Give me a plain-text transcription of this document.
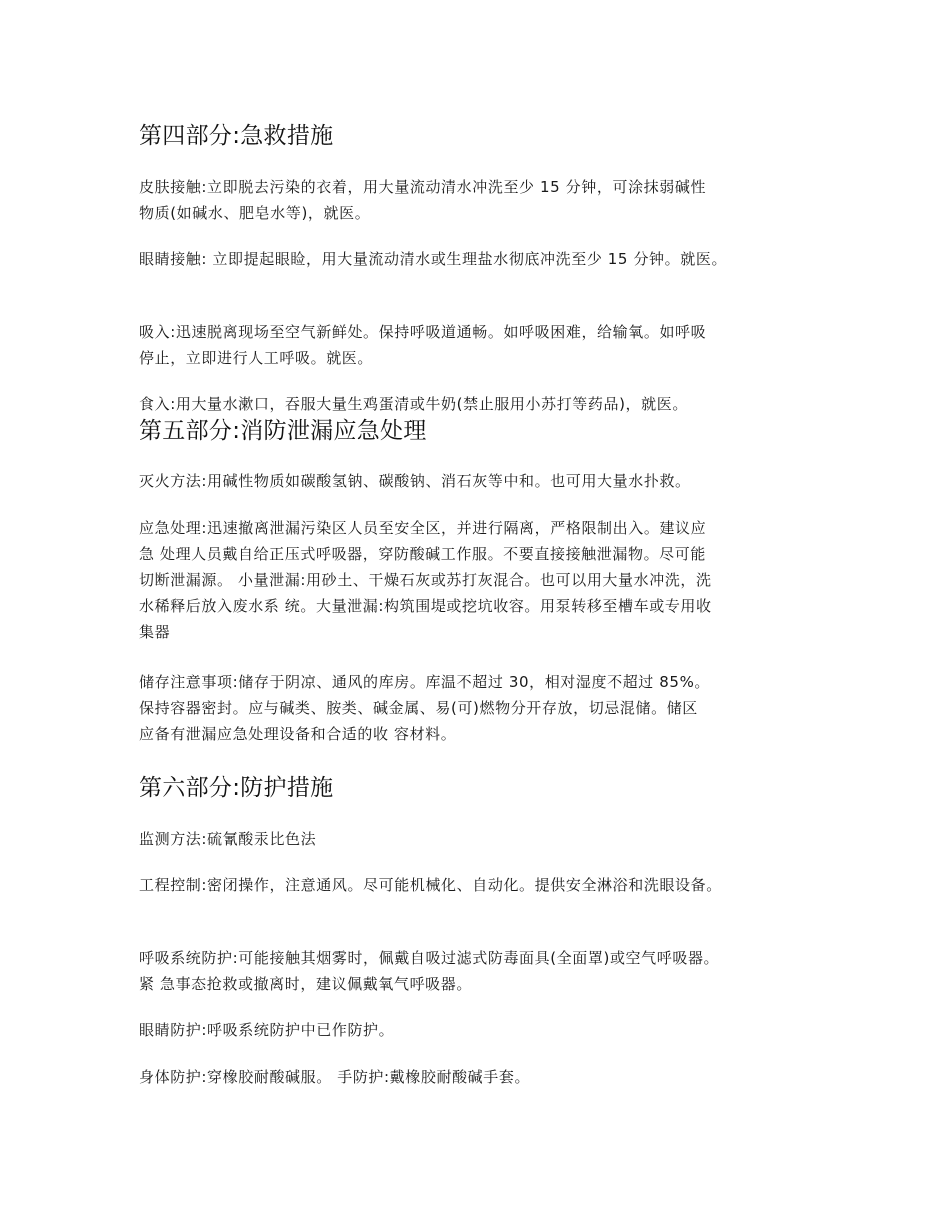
第四部分:急救措施
皮肤接触:立即脱去污染的衣着，用大量流动清水冲洗至少 15 分钟，可涂抹弱碱性
物质(如碱水、肥皂水等)，就医。
眼睛接触: 立即提起眼睑，用大量流动清水或生理盐水彻底冲洗至少 15 分钟。就医。
吸入:迅速脱离现场至空气新鲜处。保持呼吸道通畅。如呼吸困难，给输氧。如呼吸
停止，立即进行人工呼吸。就医。
食入:用大量水漱口，吞服大量生鸡蛋清或牛奶(禁止服用小苏打等药品)，就医。
第五部分:消防泄漏应急处理
灭火方法:用碱性物质如碳酸氢钠、碳酸钠、消石灰等中和。也可用大量水扑救。
应急处理:迅速撤离泄漏污染区人员至安全区，并进行隔离，严格限制出入。建议应
急 处理人员戴自给正压式呼吸器，穿防酸碱工作服。不要直接接触泄漏物。尽可能
切断泄漏源。 小量泄漏:用砂土、干燥石灰或苏打灰混合。也可以用大量水冲洗，洗
水稀释后放入废水系 统。大量泄漏:构筑围堤或挖坑收容。用泵转移至槽车或专用收
集器
储存注意事项:储存于阴凉、通风的库房。库温不超过 30，相对湿度不超过 85%。
保持容器密封。应与碱类、胺类、碱金属、易(可)燃物分开存放，切忌混储。储区
应备有泄漏应急处理设备和合适的收 容材料。
第六部分:防护措施
监测方法:硫氰酸汞比色法
工程控制:密闭操作，注意通风。尽可能机械化、自动化。提供安全淋浴和洗眼设备。
呼吸系统防护:可能接触其烟雾时，佩戴自吸过滤式防毒面具(全面罩)或空气呼吸器。
紧 急事态抢救或撤离时，建议佩戴氧气呼吸器。
眼睛防护:呼吸系统防护中已作防护。
身体防护:穿橡胶耐酸碱服。 手防护:戴橡胶耐酸碱手套。
